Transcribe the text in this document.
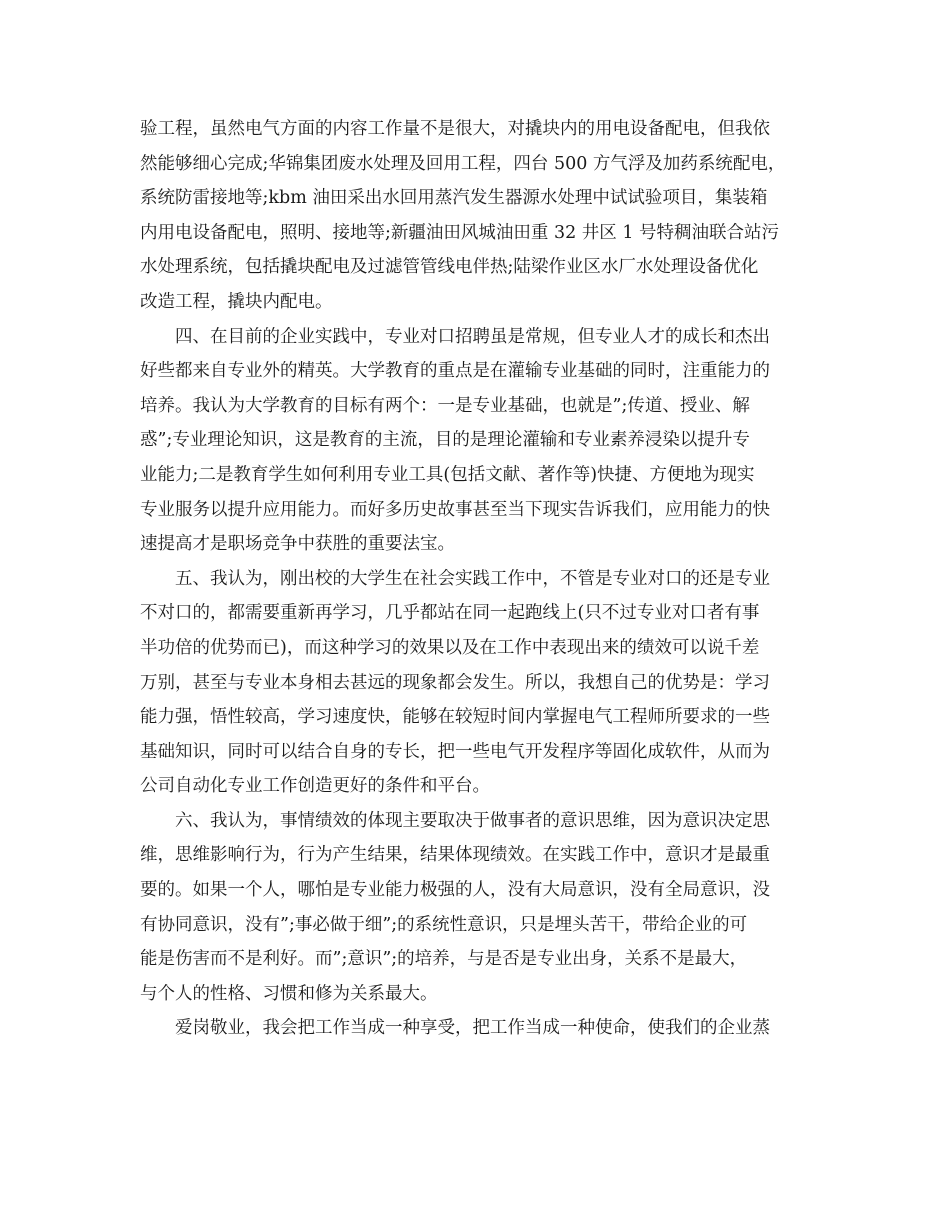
验工程，虽然电气方面的内容工作量不是很大，对撬块内的用电设备配电，但我依
然能够细心完成;华锦集团废水处理及回用工程，四台 500 方气浮及加药系统配电，
系统防雷接地等;kbm 油田采出水回用蒸汽发生器源水处理中试试验项目，集装箱
内用电设备配电，照明、接地等;新疆油田风城油田重 32 井区 1 号特稠油联合站污
水处理系统，包括撬块配电及过滤管管线电伴热;陆梁作业区水厂水处理设备优化
改造工程，撬块内配电。
　　四、在目前的企业实践中，专业对口招聘虽是常规，但专业人才的成长和杰出
好些都来自专业外的精英。大学教育的重点是在灌输专业基础的同时，注重能力的
培养。我认为大学教育的目标有两个：一是专业基础，也就是”;传道、授业、解
惑”;专业理论知识，这是教育的主流，目的是理论灌输和专业素养浸染以提升专
业能力;二是教育学生如何利用专业工具(包括文献、著作等)快捷、方便地为现实
专业服务以提升应用能力。而好多历史故事甚至当下现实告诉我们，应用能力的快
速提高才是职场竞争中获胜的重要法宝。
　　五、我认为，刚出校的大学生在社会实践工作中，不管是专业对口的还是专业
不对口的，都需要重新再学习，几乎都站在同一起跑线上(只不过专业对口者有事
半功倍的优势而已)，而这种学习的效果以及在工作中表现出来的绩效可以说千差
万别，甚至与专业本身相去甚远的现象都会发生。所以，我想自己的优势是：学习
能力强，悟性较高，学习速度快，能够在较短时间内掌握电气工程师所要求的一些
基础知识，同时可以结合自身的专长，把一些电气开发程序等固化成软件，从而为
公司自动化专业工作创造更好的条件和平台。
　　六、我认为，事情绩效的体现主要取决于做事者的意识思维，因为意识决定思
维，思维影响行为，行为产生结果，结果体现绩效。在实践工作中，意识才是最重
要的。如果一个人，哪怕是专业能力极强的人，没有大局意识，没有全局意识，没
有协同意识，没有”;事必做于细”;的系统性意识，只是埋头苦干，带给企业的可
能是伤害而不是利好。而”;意识”;的培养，与是否是专业出身，关系不是最大，
与个人的性格、习惯和修为关系最大。
　　爱岗敬业，我会把工作当成一种享受，把工作当成一种使命，使我们的企业蒸
